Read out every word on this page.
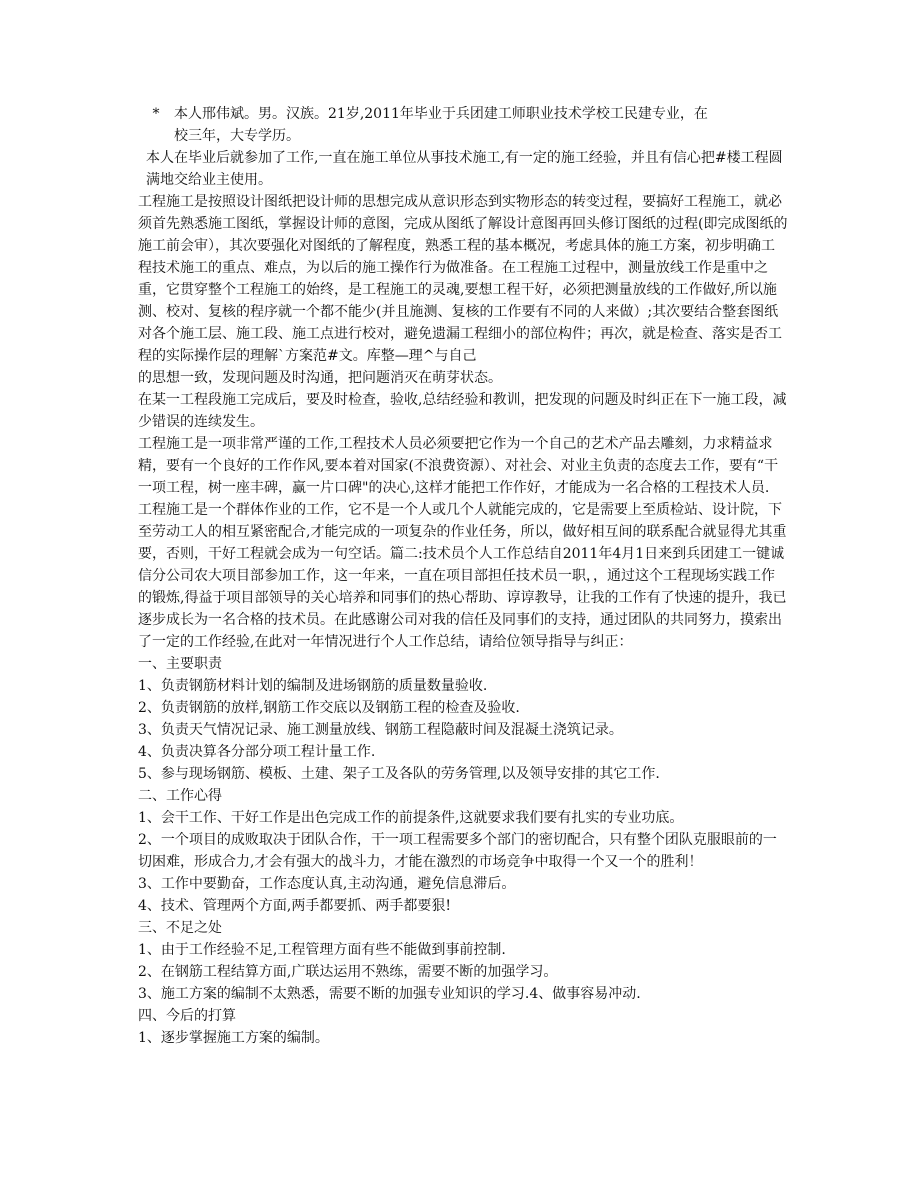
*	本人邢伟斌。男。汉族。21岁,2011年毕业于兵团建工师职业技术学校工民建专业，在
校三年，大专学历。

本人在毕业后就参加了工作,一直在施工单位从事技术施工,有一定的施工经验，并且有信心把#楼工程圆满地交给业主使用。

工程施工是按照设计图纸把设计师的思想完成从意识形态到实物形态的转变过程，要搞好工程施工，就必须首先熟悉施工图纸，掌握设计师的意图，完成从图纸了解设计意图再回头修订图纸的过程(即完成图纸的施工前会审），其次要强化对图纸的了解程度，熟悉工程的基本概况，考虑具体的施工方案，初步明确工程技术施工的重点、难点，为以后的施工操作行为做准备。在工程施工过程中，测量放线工作是重中之重，它贯穿整个工程施工的始终，是工程施工的灵魂,要想工程干好，必须把测量放线的工作做好,所以施测、校对、复核的程序就一个都不能少(并且施测、复核的工作要有不同的人来做）;其次要结合整套图纸对各个施工层、施工段、施工点进行校对，避免遗漏工程细小的部位构件；再次，就是检查、落实是否工程的实际操作层的理解`方案范#文。库整—理^与自己

的思想一致，发现问题及时沟通，把问题消灭在萌芽状态。

在某一工程段施工完成后，要及时检查，验收,总结经验和教训，把发现的问题及时纠正在下一施工段，减少错误的连续发生。

工程施工是一项非常严谨的工作,工程技术人员必须要把它作为一个自己的艺术产品去雕刻，力求精益求精，要有一个良好的工作作风,要本着对国家(不浪费资源）、对社会、对业主负责的态度去工作，要有“干一项工程，树一座丰碑，赢一片口碑"的决心,这样才能把工作作好，才能成为一名合格的工程技术人员.

工程施工是一个群体作业的工作，它不是一个人或几个人就能完成的，它是需要上至质检站、设计院，下至劳动工人的相互紧密配合,才能完成的一项复杂的作业任务，所以，做好相互间的联系配合就显得尤其重要，否则，干好工程就会成为一句空话。篇二:技术员个人工作总结自2011年4月1日来到兵团建工一键诚信分公司农大项目部参加工作，这一年来，一直在项目部担任技术员一职，，通过这个工程现场实践工作的锻炼,得益于项目部领导的关心培养和同事们的热心帮助、谆谆教导，让我的工作有了快速的提升，我已逐步成长为一名合格的技术员。在此感谢公司对我的信任及同事们的支持，通过团队的共同努力，摸索出了一定的工作经验,在此对一年情况进行个人工作总结，请给位领导指导与纠正：

一、主要职责

1、负责钢筋材料计划的编制及进场钢筋的质量数量验收.

2、负责钢筋的放样,钢筋工作交底以及钢筋工程的检查及验收.

3、负责天气情况记录、施工测量放线、钢筋工程隐蔽时间及混凝土浇筑记录。

4、负责决算各分部分项工程计量工作.

5、参与现场钢筋、模板、土建、架子工及各队的劳务管理,以及领导安排的其它工作.

二、工作心得

1、会干工作、干好工作是出色完成工作的前提条件,这就要求我们要有扎实的专业功底。

2、一个项目的成败取决于团队合作，干一项工程需要多个部门的密切配合，只有整个团队克服眼前的一切困难，形成合力,才会有强大的战斗力，才能在激烈的市场竞争中取得一个又一个的胜利！

3、工作中要勤奋，工作态度认真,主动沟通，避免信息滞后。

4、技术、管理两个方面,两手都要抓、两手都要狠!

三、不足之处

1、由于工作经验不足,工程管理方面有些不能做到事前控制.

2、在钢筋工程结算方面,广联达运用不熟练，需要不断的加强学习。

3、施工方案的编制不太熟悉，需要不断的加强专业知识的学习.4、做事容易冲动.

四、今后的打算

1、逐步掌握施工方案的编制。
